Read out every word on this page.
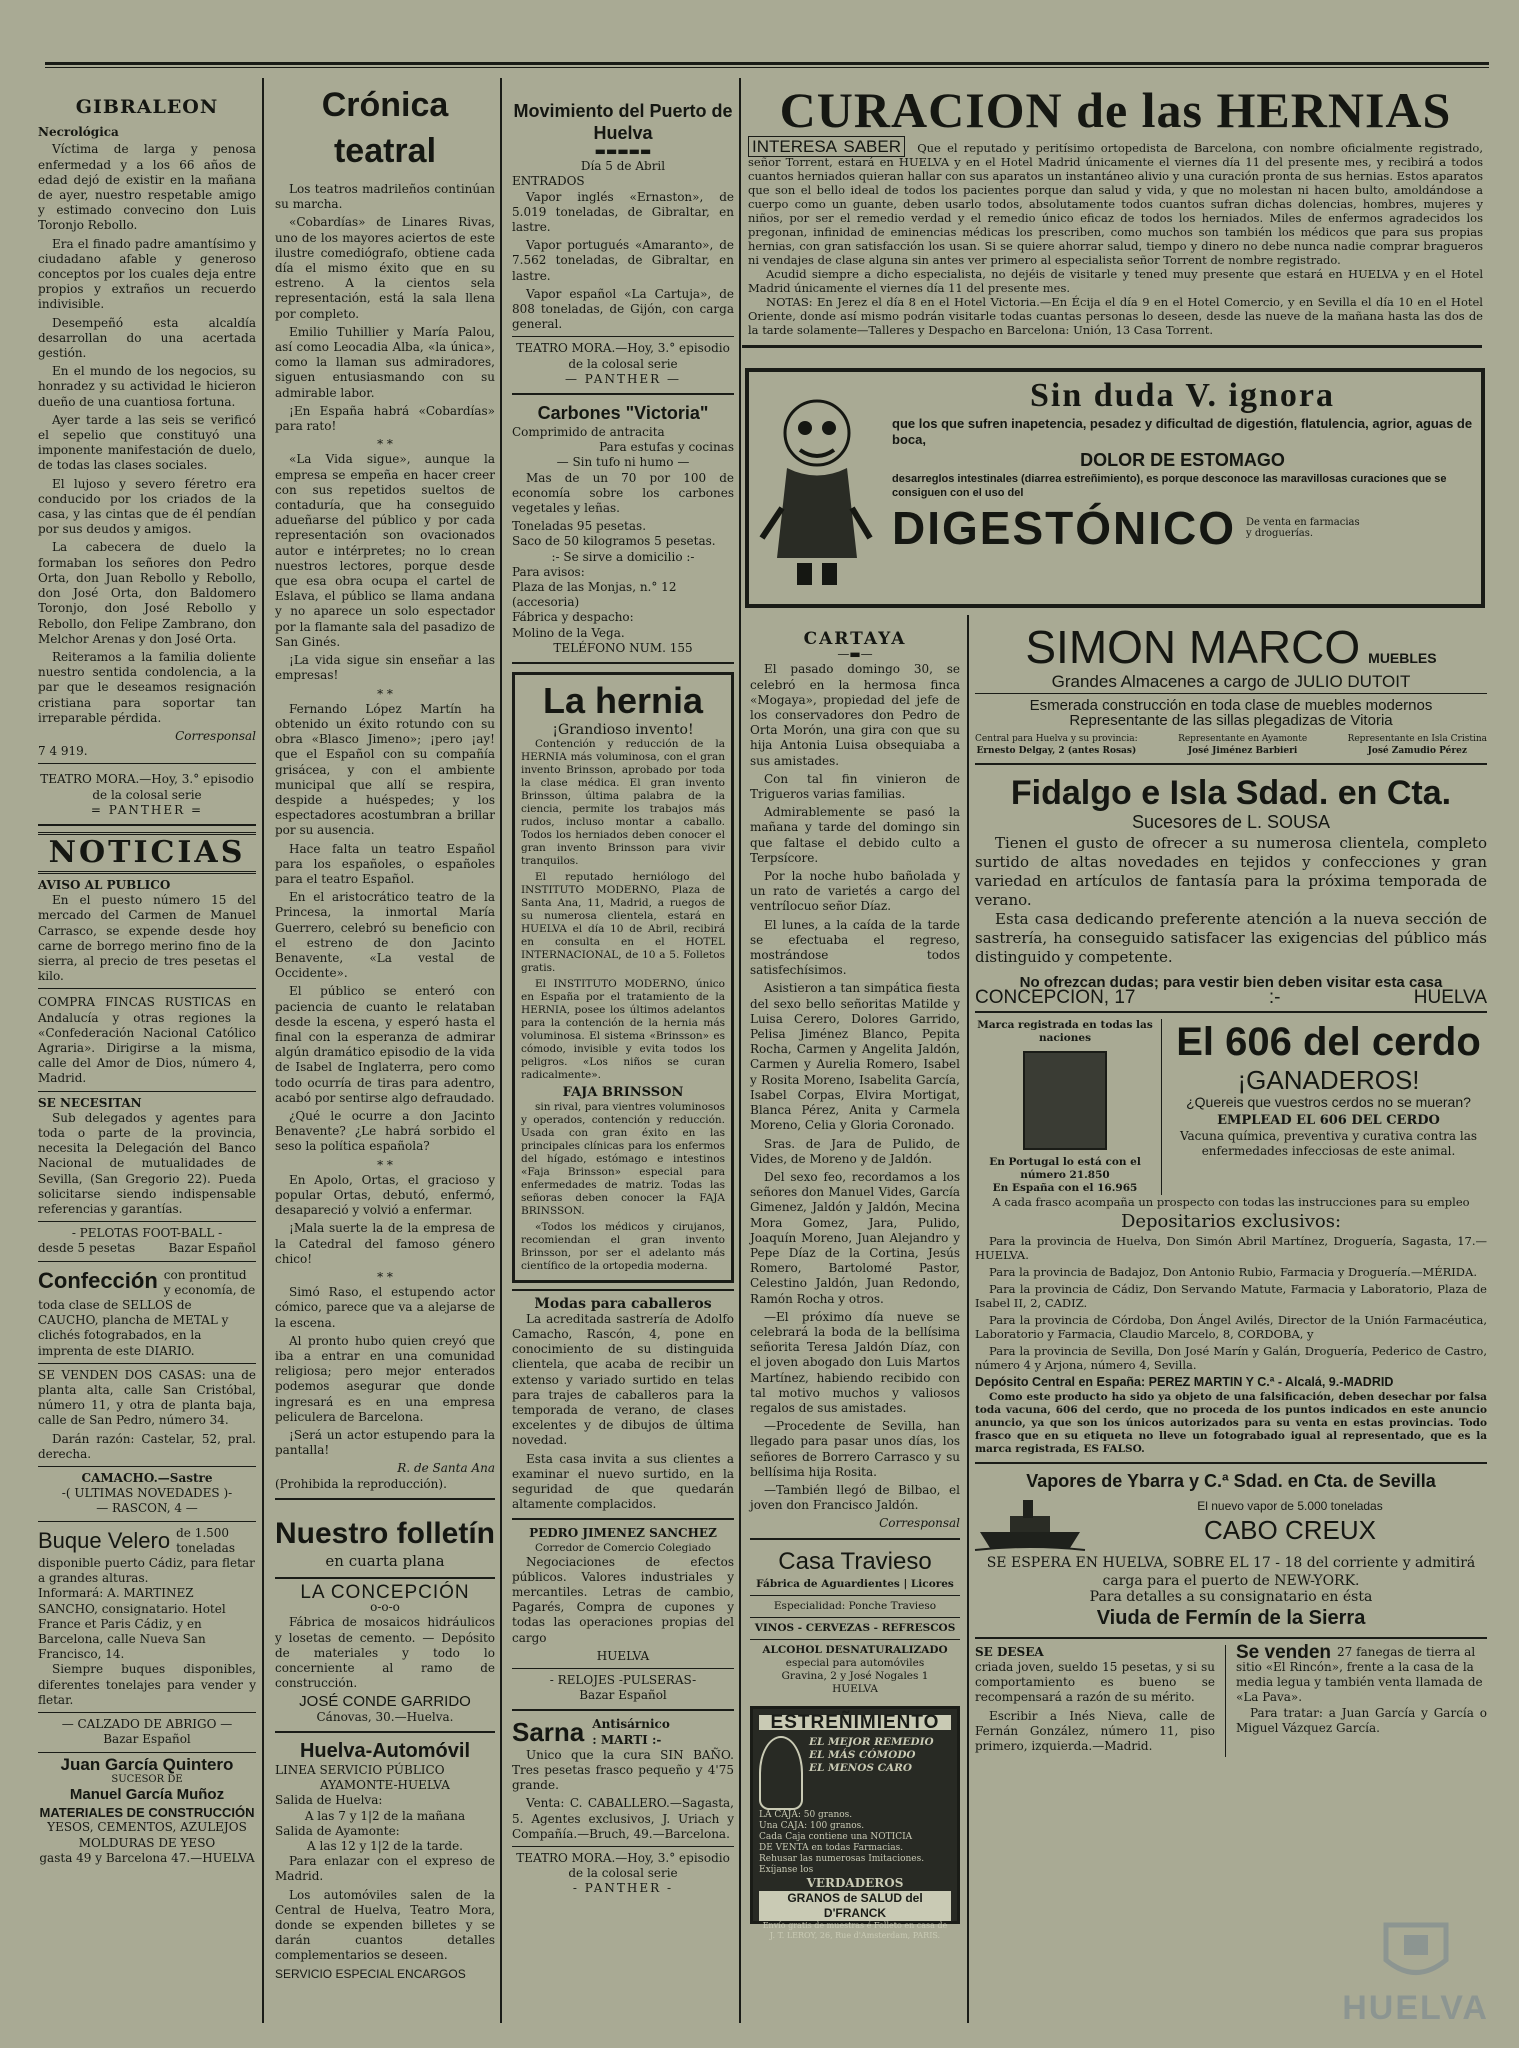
GIBRALEON
Necrológica

Víctima de larga y penosa enfermedad y a los 66 años de edad dejó de existir en la mañana de ayer, nuestro respetable amigo y estimado convecino don Luis Toronjo Rebollo.

Era el finado padre amantísimo y ciudadano afable y generoso conceptos por los cuales deja entre propios y extraños un recuerdo indivisible.

Desempeñó esta alcaldía desarrollan do una acertada gestión.

En el mundo de los negocios, su honradez y su actividad le hicieron dueño de una cuantiosa fortuna.

Ayer tarde a las seis se verificó el sepelio que constituyó una imponente manifestación de duelo, de todas las clases sociales.

El lujoso y severo féretro era conducido por los criados de la casa, y las cintas que de él pendían por sus deudos y amigos.

La cabecera de duelo la formaban los señores don Pedro Orta, don Juan Rebollo y Rebollo, don José Orta, don Baldomero Toronjo, don José Rebollo y Rebollo, don Felipe Zambrano, don Melchor Arenas y don José Orta.

Reiteramos a la familia doliente nuestro sentida condolencia, a la par que le deseamos resignación cristiana para soportar tan irreparable pérdida.

Corresponsal
7 4 919.
TEATRO MORA.—Hoy, 3.° episodio
de la colosal serie
= PANTHER =
NOTICIAS
AVISO AL PUBLICO

En el puesto número 15 del mercado del Carmen de Manuel Carrasco, se expende desde hoy carne de borrego merino fino de la sierra, al precio de tres pesetas el kilo.

COMPRA FINCAS RUSTICAS en Andalucía y otras regiones la «Confederación Nacional Católico Agraria». Dirigirse a la misma, calle del Amor de Dios, número 4, Madrid.

SE NECESITAN

Sub delegados y agentes para toda o parte de la provincia, necesita la Delegación del Banco Nacional de mutualidades de Sevilla, (San Gregorio 22). Pueda solicitarse siendo indispensable referencias y garantías.

- PELOTAS FOOT-BALL -
desde 5 pesetas	Bazar Español
Confección con prontitud y economía, de toda clase de SELLOS de CAUCHO, plancha de METAL y clichés fotograbados, en la imprenta de este DIARIO.

SE VENDEN DOS CASAS: una de planta alta, calle San Cristóbal, número 11, y otra de planta baja, calle de San Pedro, número 34.

Darán razón: Castelar, 52, pral. derecha.

CAMACHO.—Sastre
-( ULTIMAS NOVEDADES )-
— RASCON, 4 —
Buque Velero de 1.500 toneladas
disponible puerto Cádiz, para fletar a grandes alturas.
Informará: A. MARTINEZ SANCHO, consignatario. Hotel France et Paris Cádiz, y en Barcelona, calle Nueva San Francisco, 14.

Siempre buques disponibles, diferentes tonelajes para vender y fletar.

— CALZADO DE ABRIGO —
Bazar Español
Juan García Quintero
SUCESOR DE
Manuel García Muñoz
MATERIALES DE CONSTRUCCIÓN
YESOS, CEMENTOS, AZULEJOS
MOLDURAS DE YESO
gasta 49 y Barcelona 47.—HUELVA
Crónica teatral

Los teatros madrileños continúan su marcha.

«Cobardías» de Linares Rivas, uno de los mayores aciertos de este ilustre comediógrafo, obtiene cada día el mismo éxito que en su estreno. A la cientos sela representación, está la sala llena por completo.

Emilio Tuhillier y María Palou, así como Leocadia Alba, «la única», como la llaman sus admiradores, siguen entusiasmando con su admirable labor.

¡En España habrá «Cobardías» para rato!

* *

«La Vida sigue», aunque la empresa se empeña en hacer creer con sus repetidos sueltos de contaduría, que ha conseguido adueñarse del público y por cada representación son ovacionados autor e intérpretes; no lo crean nuestros lectores, porque desde que esa obra ocupa el cartel de Eslava, el público se llama andana y no aparece un solo espectador por la flamante sala del pasadizo de San Ginés.

¡La vida sigue sin enseñar a las empresas!

* *

Fernando López Martín ha obtenido un éxito rotundo con su obra «Blasco Jimeno»; ¡pero ¡ay! que el Español con su compañía grisácea, y con el ambiente municipal que allí se respira, despide a huéspedes; y los espectadores acostumbran a brillar por su ausencia.

Hace falta un teatro Español para los españoles, o españoles para el teatro Español.

En el aristocrático teatro de la Princesa, la inmortal María Guerrero, celebró su beneficio con el estreno de don Jacinto Benavente, «La vestal de Occidente».

El público se enteró con paciencia de cuanto le relataban desde la escena, y esperó hasta el final con la esperanza de admirar algún dramático episodio de la vida de Isabel de Inglaterra, pero como todo ocurría de tiras para adentro, acabó por sentirse algo defraudado.

¿Qué le ocurre a don Jacinto Benavente? ¿Le habrá sorbido el seso la política española?

* *

En Apolo, Ortas, el gracioso y popular Ortas, debutó, enfermó, desapareció y volvió a enfermar.

¡Mala suerte la de la empresa de la Catedral del famoso género chico!

* *

Simó Raso, el estupendo actor cómico, parece que va a alejarse de la escena.

Al pronto hubo quien creyó que iba a entrar en una comunidad religiosa; pero mejor enterados podemos asegurar que donde ingresará es en una empresa peliculera de Barcelona.

¡Será un actor estupendo para la pantalla!

R. de Santa Ana
(Prohibida la reproducción).
Nuestro folletín
en cuarta plana
LA CONCEPCIÓN
o-o-o

Fábrica de mosaicos hidráulicos y losetas de cemento. — Depósito de materiales y todo lo concerniente al ramo de construcción.

JOSÉ CONDE GARRIDO
Cánovas, 30.—Huelva.
Huelva-Automóvil
LINEA SERVICIO PÚBLICO
AYAMONTE-HUELVA
Salida de Huelva:
A las 7 y 1|2 de la mañana
Salida de Ayamonte:
A las 12 y 1|2 de la tarde.

Para enlazar con el expreso de Madrid.

Los automóviles salen de la Central de Huelva, Teatro Mora, donde se expenden billetes y se darán cuantos detalles complementarios se deseen.

SERVICIO ESPECIAL ENCARGOS
Movimiento del Puerto de Huelva
▬▬▬▬▬
Día 5 de Abril
ENTRADOS

Vapor inglés «Ernaston», de 5.019 toneladas, de Gibraltar, en lastre.

Vapor portugués «Amaranto», de 7.562 toneladas, de Gibraltar, en lastre.

Vapor español «La Cartuja», de 808 toneladas, de Gijón, con carga general.

TEATRO MORA.—Hoy, 3.° episodio
de la colosal serie
— PANTHER —
Carbones "Victoria"
Comprimido de antracita
Para estufas y cocinas
— Sin tufo ni humo —

Mas de un 70 por 100 de economía sobre los carbones vegetales y leñas.

Toneladas 95 pesetas.
Saco de 50 kilogramos 5 pesetas.
:- Se sirve a domicilio :-
Para avisos:
Plaza de las Monjas, n.° 12 (accesoria)
Fábrica y despacho:
Molino de la Vega.
TELÉFONO NUM. 155
La hernia
¡Grandioso invento!

Contención y reducción de la HERNIA más voluminosa, con el gran invento Brinsson, aprobado por toda la clase médica. El gran invento Brinsson, última palabra de la ciencia, permite los trabajos más rudos, incluso montar a caballo. Todos los herniados deben conocer el gran invento Brinsson para vivir tranquilos.

El reputado herniólogo del INSTITUTO MODERNO, Plaza de Santa Ana, 11, Madrid, a ruegos de su numerosa clientela, estará en HUELVA el día 10 de Abril, recibirá en consulta en el HOTEL INTERNACIONAL, de 10 a 5. Folletos gratis.

El INSTITUTO MODERNO, único en España por el tratamiento de la HERNIA, posee los últimos adelantos para la contención de la hernia más voluminosa. El sistema «Brinsson» es cómodo, invisible y evita todos los peligros. «Los niños se curan radicalmente».

FAJA BRINSSON

sin rival, para vientres voluminosos y operados, contención y reducción. Usada con gran éxito en las principales clínicas para los enfermos del hígado, estómago e intestinos «Faja Brinsson» especial para enfermedades de matriz. Todas las señoras deben conocer la FAJA BRINSSON.

«Todos los médicos y cirujanos, recomiendan el gran invento Brinsson, por ser el adelanto más científico de la ortopedia moderna.

Modas para caballeros

La acreditada sastrería de Adolfo Camacho, Rascón, 4, pone en conocimiento de su distinguida clientela, que acaba de recibir un extenso y variado surtido en telas para trajes de caballeros para la temporada de verano, de clases excelentes y de dibujos de última novedad.

Esta casa invita a sus clientes a examinar el nuevo surtido, en la seguridad de que quedarán altamente complacidos.

PEDRO JIMENEZ SANCHEZ
Corredor de Comercio Colegiado

Negociaciones de efectos públicos. Valores industriales y mercantiles. Letras de cambio, Pagarés, Compra de cupones y todas las operaciones propias del cargo

HUELVA
- RELOJES -PULSERAS-
Bazar Español
Sarna Antisárnico
: MARTI :-

Unico que la cura SIN BAÑO. Tres pesetas frasco pequeño y 4'75 grande.

Venta: C. CABALLERO.—Sagasta, 5. Agentes exclusivos, J. Uriach y Compañía.—Bruch, 49.—Barcelona.

TEATRO MORA.—Hoy, 3.° episodio
de la colosal serie
- PANTHER -
CURACION de las HERNIAS
INTERESA SABER Que el reputado y peritísimo ortopedista de Barcelona, con nombre oficialmente registrado, señor Torrent, estará en HUELVA y en el Hotel Madrid únicamente el viernes día 11 del presente mes, y recibirá a todos cuantos herniados quieran hallar con sus aparatos un instantáneo alivio y una curación pronta de sus hernias. Estos aparatos que son el bello ideal de todos los pacientes porque dan salud y vida, y que no molestan ni hacen bulto, amoldándose a cuerpo como un guante, deben usarlo todos, absolutamente todos cuantos sufran dichas dolencias, hombres, mujeres y niños, por ser el remedio verdad y el remedio único eficaz de todos los herniados. Miles de enfermos agradecidos los pregonan, infinidad de eminencias médicas los prescriben, como muchos son también los médicos que para sus propias hernias, con gran satisfacción los usan. Si se quiere ahorrar salud, tiempo y dinero no debe nunca nadie comprar bragueros ni vendajes de clase alguna sin antes ver primero al especialista señor Torrent de nombre registrado.
Acudid siempre a dicho especialista, no dejéis de visitarle y tened muy presente que estará en HUELVA y en el Hotel Madrid únicamente el viernes día 11 del presente mes.
NOTAS: En Jerez el día 8 en el Hotel Victoria.—En Écija el día 9 en el Hotel Comercio, y en Sevilla el día 10 en el Hotel Oriente, donde así mismo podrán visitarle todas cuantas personas lo deseen, desde las nueve de la mañana hasta las dos de la tarde solamente—Talleres y Despacho en Barcelona: Unión, 13 Casa Torrent.
Sin duda V. ignora
que los que sufren inapetencia, pesadez y dificultad de digestión, flatulencia, agrior, aguas de boca,
DOLOR DE ESTOMAGO
desarreglos intestinales (diarrea estreñimiento), es porque desconoce las maravillosas curaciones que se consiguen con el uso del
DIGESTÓNICO De venta en farmacias y droguerías.
CARTAYA
—▬—

El pasado domingo 30, se celebró en la hermosa finca «Mogaya», propiedad del jefe de los conservadores don Pedro de Orta Morón, una gira con que su hija Antonia Luisa obsequiaba a sus amistades.

Con tal fin vinieron de Trigueros varias familias.

Admirablemente se pasó la mañana y tarde del domingo sin que faltase el debido culto a Terpsícore.

Por la noche hubo bañolada y un rato de varietés a cargo del ventrílocuo señor Díaz.

El lunes, a la caída de la tarde se efectuaba el regreso, mostrándose todos satisfechísimos.

Asistieron a tan simpática fiesta del sexo bello señoritas Matilde y Luisa Cerero, Dolores Garrido, Pelisa Jiménez Blanco, Pepita Rocha, Carmen y Angelita Jaldón, Carmen y Aurelia Romero, Isabel y Rosita Moreno, Isabelita García, Isabel Corpas, Elvira Mortigat, Blanca Pérez, Anita y Carmela Moreno, Celia y Gloria Coronado.

Sras. de Jara de Pulido, de Vides, de Moreno y de Jaldón.

Del sexo feo, recordamos a los señores don Manuel Vides, García Gimenez, Jaldón y Jaldón, Mecina Mora Gomez, Jara, Pulido, Joaquín Moreno, Juan Alejandro y Pepe Díaz de la Cortina, Jesús Romero, Bartolomé Pastor, Celestino Jaldón, Juan Redondo, Ramón Rocha y otros.

—El próximo día nueve se celebrará la boda de la bellísima señorita Teresa Jaldón Díaz, con el joven abogado don Luis Martos Martínez, habiendo recibido con tal motivo muchos y valiosos regalos de sus amistades.

—Procedente de Sevilla, han llegado para pasar unos días, los señores de Borrero Carrasco y su bellísima hija Rosita.

—También llegó de Bilbao, el joven don Francisco Jaldón.

Corresponsal
Casa Travieso
Fábrica de Aguardientes | Licores
Especialidad: Ponche Travieso
VINOS - CERVEZAS - REFRESCOS
ALCOHOL DESNATURALIZADO
especial para automóviles
Gravina, 2 y José Nogales 1
HUELVA
ESTREÑIMIENTO
EL MEJOR REMEDIO
EL MÁS CÓMODO
EL MENOS CARO
LA CAJA: 50 granos.
Una CAJA: 100 granos.
Cada Caja contiene una NOTICIA
DE VENTA en todas Farmacias.
Rehusar las numerosas Imitaciones. Exíjanse los
VERDADEROS
GRANOS de SALUD del D'FRANCK
Envío gratis de muestras é Folleto en casa de J. T. LEROY, 26, Rue d'Amsterdam, PARIS.
SIMON MARCO MUEBLES
Grandes Almacenes a cargo de JULIO DUTOIT
Esmerada construcción en toda clase de muebles modernos
Representante de las sillas plegadizas de Vitoria
Central para Huelva y su provincia:
Ernesto Delgay, 2 (antes Rosas)
Representante en Ayamonte
José Jiménez Barbieri
Representante en Isla Cristina
José Zamudio Pérez
Fidalgo e Isla Sdad. en Cta.
Sucesores de L. SOUSA
Tienen el gusto de ofrecer a su numerosa clientela, completo surtido de altas novedades en tejidos y confecciones y gran variedad en artículos de fantasía para la próxima temporada de verano.
Esta casa dedicando preferente atención a la nueva sección de sastrería, ha conseguido satisfacer las exigencias del público más distinguido y competente.
No ofrezcan dudas; para vestir bien deben visitar esta casa
CONCEPCION, 17	:-	HUELVA
Marca registrada en todas las naciones
En Portugal lo está con el número 21.850
En España con el 16.965
El 606 del cerdo
¡GANADEROS!
¿Quereis que vuestros cerdos no se mueran?
EMPLEAD EL 606 DEL CERDO
Vacuna química, preventiva y curativa contra las enfermedades infecciosas de este animal.
A cada frasco acompaña un prospecto con todas las instrucciones para su empleo
Depositarios exclusivos:

Para la provincia de Huelva, Don Simón Abril Martínez, Droguería, Sagasta, 17.—HUELVA.

Para la provincia de Badajoz, Don Antonio Rubio, Farmacia y Droguería.—MÉRIDA.

Para la provincia de Cádiz, Don Servando Matute, Farmacia y Laboratorio, Plaza de Isabel II, 2, CADIZ.

Para la provincia de Córdoba, Don Ángel Avilés, Director de la Unión Farmacéutica, Laboratorio y Farmacia, Claudio Marcelo, 8, CORDOBA, y

Para la provincia de Sevilla, Don José Marín y Galán, Droguería, Pederico de Castro, número 4 y Arjona, número 4, Sevilla.

Depósito Central en España: PEREZ MARTIN Y C.ª - Alcalá, 9.-MADRID

Como este producto ha sido ya objeto de una falsificación, deben desechar por falsa toda vacuna, 606 del cerdo, que no proceda de los puntos indicados en este anuncio anuncio, ya que son los únicos autorizados para su venta en estas provincias. Todo frasco que en su etiqueta no lleve un fotograbado igual al representado, que es la marca registrada, ES FALSO.

Vapores de Ybarra y C.ª Sdad. en Cta. de Sevilla
El nuevo vapor de 5.000 toneladas
CABO CREUX
SE ESPERA EN HUELVA, SOBRE EL 17 - 18 del corriente y admitirá carga para el puerto de NEW-YORK.
Para detalles a su consignatario en ésta
Viuda de Fermín de la Sierra
SE DESEA

criada joven, sueldo 15 pesetas, y si su comportamiento es bueno se recompensará a razón de su mérito.

Escribir a Inés Nieva, calle de Fernán González, número 11, piso primero, izquierda.—Madrid.

Se venden 27 fanegas de tierra al sitio «El Rincón», frente a la casa de la media legua y también venta llamada de «La Pava».

Para tratar: a Juan García y García o Miguel Vázquez García.

HUELVA
